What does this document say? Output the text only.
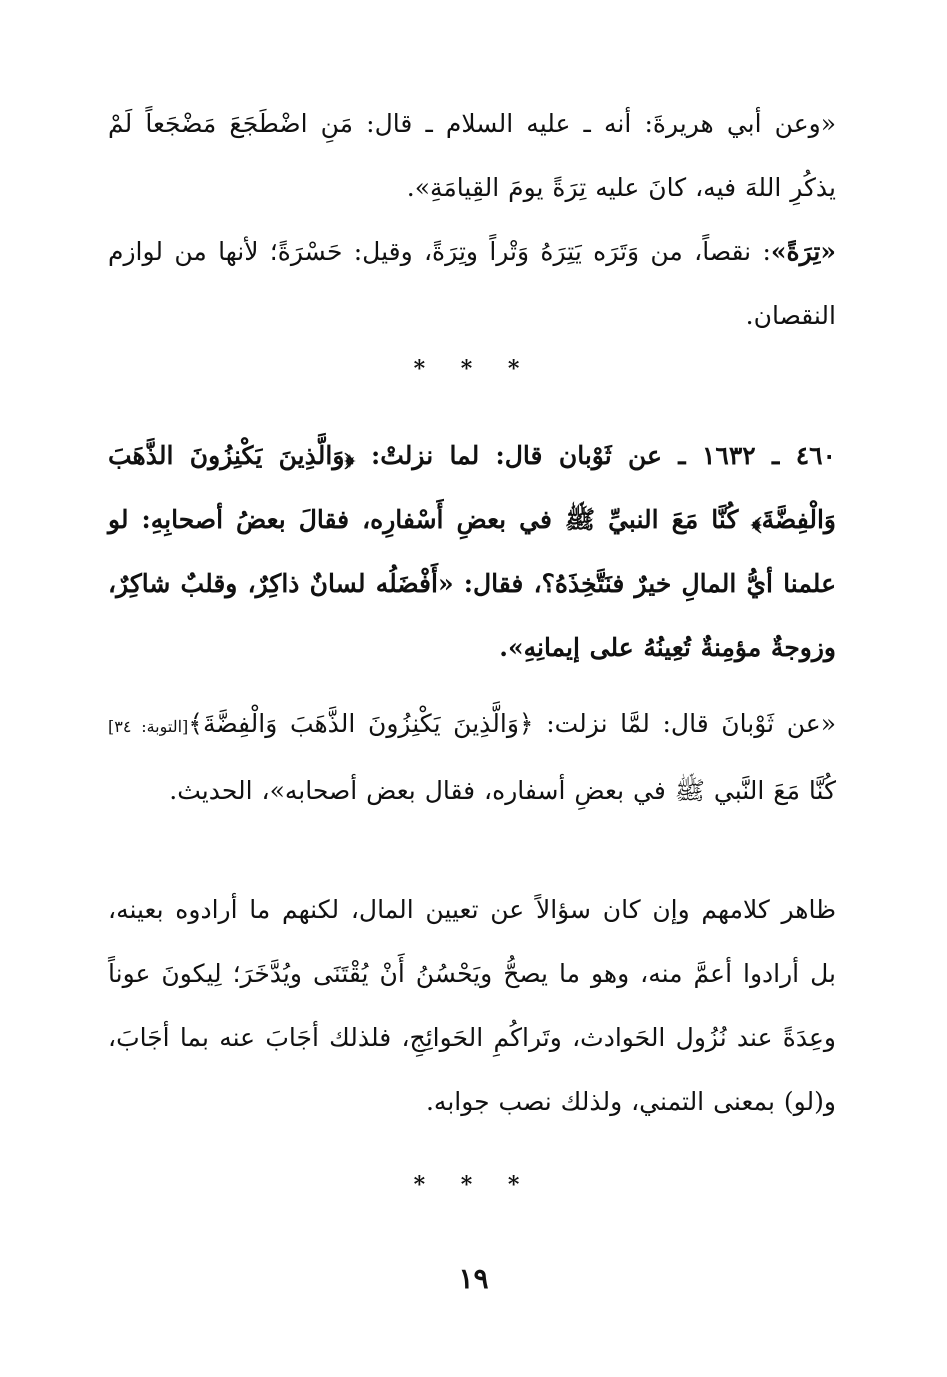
«وعن أبي هريرةَ: أنه ـ عليه السلام ـ قال: مَنِ اضْطَجَعَ مَضْجَعاً لَمْ يذكُرِ اللهَ فيه، كانَ عليه تِرَةً يومَ القِيامَةِ».

«تِرَةً»: نقصاً، من وَتَرَه يَتِرَهُ وَتْراً وتِرَةً، وقيل: حَسْرَةً؛ لأنها من لوازم النقصان.

* * *

٤٦٠ ـ ١٦٣٢ ـ عن ثَوْبان قال: لما نزلتْ: ﴿وَالَّذِينَ يَكْنِزُونَ الذَّهَبَ وَالْفِضَّةَ﴾ كُنَّا مَعَ النبيِّ ﷺ في بعضِ أَسْفارِه، فقالَ بعضُ أصحابِهِ: لو علمنا أيُّ المالِ خيرٌ فنَتَّخِذَهُ؟، فقال: «أَفْضَلُه لسانٌ ذاكِرٌ، وقلبٌ شاكِرٌ، وزوجةٌ مؤمِنةٌ تُعِينُهُ على إيمانِهِ».

«عن ثَوْبانَ قال: لمَّا نزلت: ﴿وَالَّذِينَ يَكْنِزُونَ الذَّهَبَ وَالْفِضَّةَ﴾[التوبة: ٣٤] كُنَّا مَعَ النَّبي ﷺ في بعضِ أسفاره، فقال بعض أصحابه»، الحديث.

ظاهر كلامهم وإن كان سؤالاً عن تعيين المال، لكنهم ما أرادوه بعينه، بل أرادوا أعمَّ منه، وهو ما يصحُّ ويَحْسُنُ أَنْ يُقْتَنَى ويُدَّخَرَ؛ لِيكونَ عوناً وعِدَةً عند نُزُول الحَوادث، وتَراكُمِ الحَوائِجِ، فلذلك أجَابَ عنه بما أجَابَ، و(لو) بمعنى التمني، ولذلك نصب جوابه.

* * *
١٩
